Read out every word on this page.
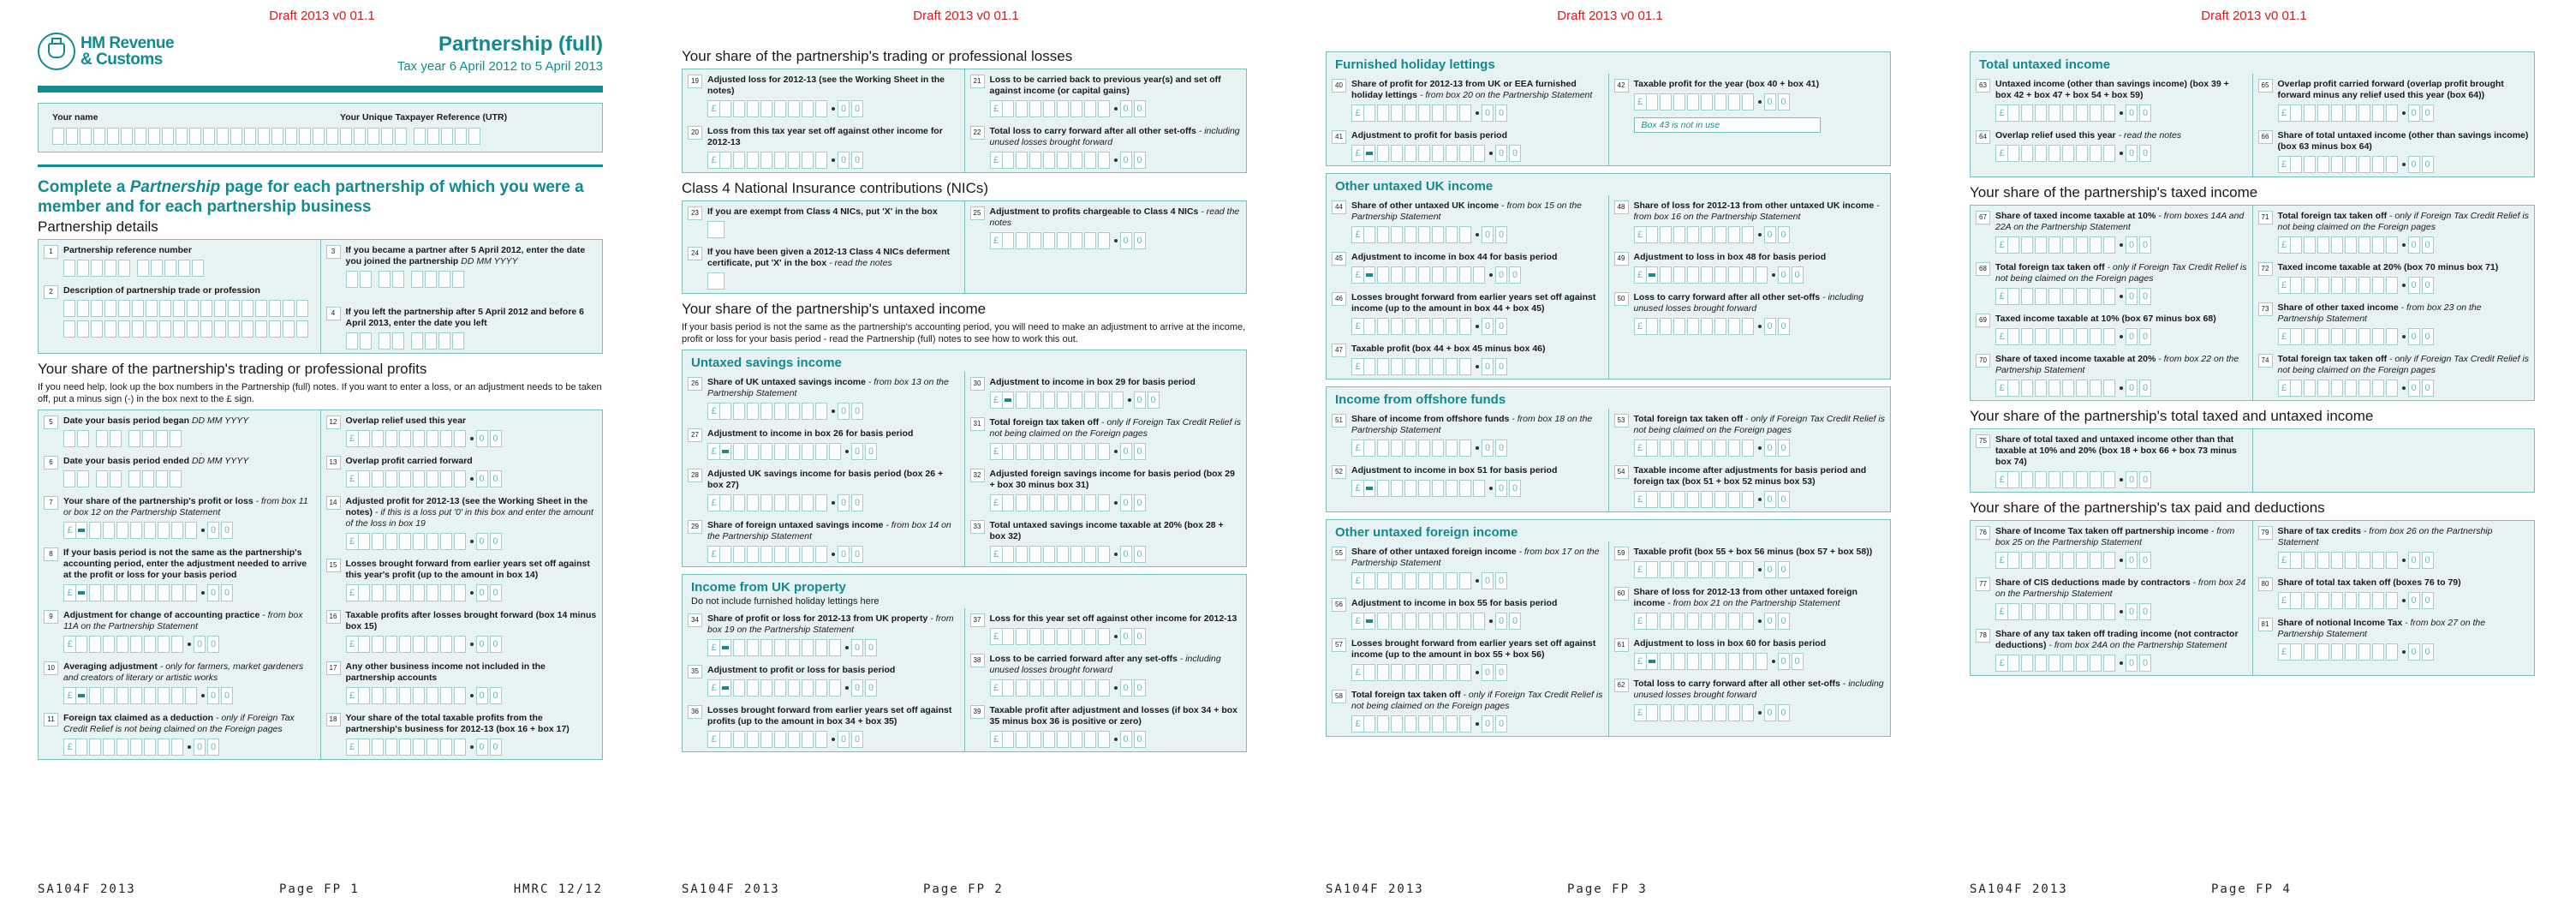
Draft 2013 v0 01.1
HM Revenue
& Customs
Partnership (full)
Tax year 6 April 2012 to 5 April 2013
Your name	Your Unique Taxpayer Reference (UTR)
Complete a Partnership page for each partnership of which you were a member and for each partnership business
Partnership details
1	Partnership reference number
2	Description of partnership trade or profession
3	If you became a partner after 5 April 2012, enter the date you joined the partnership DD MM YYYY
4	If you left the partnership after 5 April 2012 and before 6 April 2013, enter the date you left
Your share of the partnership's trading or professional profits
If you need help, look up the box numbers in the Partnership (full) notes. If you want to enter a loss, or an adjustment needs to be taken off, put a minus sign (-) in the box next to the £ sign.
5	Date your basis period began DD MM YYYY
6	Date your basis period ended DD MM YYYY
7	Your share of the partnership's profit or loss - from box 11 or box 12 on the Partnership Statement
£	0 0
8	If your basis period is not the same as the partnership's accounting period, enter the adjustment needed to arrive at the profit or loss for your basis period
£	0 0
9	Adjustment for change of accounting practice - from box 11A on the Partnership Statement
£	0 0
10 Averaging adjustment - only for farmers, market gardeners and creators of literary or artistic works
£	0 0
11 Foreign tax claimed as a deduction - only if Foreign Tax Credit Relief is not being claimed on the Foreign pages
£	0 0
12 Overlap relief used this year
£	0 0
13 Overlap profit carried forward
£	0 0
14 Adjusted profit for 2012-13 (see the Working Sheet in the notes) - if this is a loss put '0' in this box and enter the amount of the loss in box 19
£	0 0
15 Losses brought forward from earlier years set off against this year's profit (up to the amount in box 14)
£	0 0
16 Taxable profits after losses brought forward (box 14 minus box 15)
£	0 0
17 Any other business income not included in the partnership accounts
£	0 0
18 Your share of the total taxable profits from the partnership's business for 2012-13 (box 16 + box 17)
£	0 0
SA104F 2013	Page FP 1	HMRC 12/12
Draft 2013 v0 01.1
Your share of the partnership's trading or professional losses
19 Adjusted loss for 2012-13 (see the Working Sheet in the notes)
£	0 0
20 Loss from this tax year set off against other income for 2012-13
£	0 0
21 Loss to be carried back to previous year(s) and set off against income (or capital gains)
£	0 0
22 Total loss to carry forward after all other set-offs - including unused losses brought forward
£	0 0
Class 4 National Insurance contributions (NICs)
23 If you are exempt from Class 4 NICs, put 'X' in the box
24 If you have been given a 2012-13 Class 4 NICs deferment certificate, put 'X' in the box - read the notes
25 Adjustment to profits chargeable to Class 4 NICs - read the notes
£	0 0
Your share of the partnership's untaxed income
If your basis period is not the same as the partnership's accounting period, you will need to make an adjustment to arrive at the income, profit or loss for your basis period - read the Partnership (full) notes to see how to work this out.
Untaxed savings income
26 Share of UK untaxed savings income - from box 13 on the Partnership Statement
£	0 0
27 Adjustment to income in box 26 for basis period
£	0 0
28 Adjusted UK savings income for basis period (box 26 + box 27)
£	0 0
29 Share of foreign untaxed savings income - from box 14 on the Partnership Statement
£	0 0
30 Adjustment to income in box 29 for basis period
£	0 0
31 Total foreign tax taken off - only if Foreign Tax Credit Relief is not being claimed on the Foreign pages
£	0 0
32 Adjusted foreign savings income for basis period (box 29 + box 30 minus box 31)
£	0 0
33 Total untaxed savings income taxable at 20% (box 28 + box 32)
£	0 0
Income from UK property
Do not include furnished holiday lettings here
34 Share of profit or loss for 2012-13 from UK property - from box 19 on the Partnership Statement
£	0 0
35 Adjustment to profit or loss for basis period
£	0 0
36 Losses brought forward from earlier years set off against profits (up to the amount in box 34 + box 35)
£	0 0
37 Loss for this year set off against other income for 2012-13
£	0 0
38 Loss to be carried forward after any set-offs - including unused losses brought forward
£	0 0
39 Taxable profit after adjustment and losses (if box 34 + box 35 minus box 36 is positive or zero)
£	0 0
SA104F 2013	Page FP 2
Draft 2013 v0 01.1
Furnished holiday lettings
40 Share of profit for 2012-13 from UK or EEA furnished holiday lettings - from box 20 on the Partnership Statement
£	0 0
41 Adjustment to profit for basis period
£	0 0
42 Taxable profit for the year (box 40 + box 41)
£	0 0
Box 43 is not in use
Other untaxed UK income
44 Share of other untaxed UK income - from box 15 on the Partnership Statement
£	0 0
45 Adjustment to income in box 44 for basis period
£	0 0
46 Losses brought forward from earlier years set off against income (up to the amount in box 44 + box 45)
£	0 0
47 Taxable profit (box 44 + box 45 minus box 46)
£	0 0
48 Share of loss for 2012-13 from other untaxed UK income - from box 16 on the Partnership Statement
£	0 0
49 Adjustment to loss in box 48 for basis period
£	0 0
50 Loss to carry forward after all other set-offs - including unused losses brought forward
£	0 0
Income from offshore funds
51 Share of income from offshore funds - from box 18 on the Partnership Statement
£	0 0
52 Adjustment to income in box 51 for basis period
£	0 0
53 Total foreign tax taken off - only if Foreign Tax Credit Relief is not being claimed on the Foreign pages
£	0 0
54 Taxable income after adjustments for basis period and foreign tax (box 51 + box 52 minus box 53)
£	0 0
Other untaxed foreign income
55 Share of other untaxed foreign income - from box 17 on the Partnership Statement
£	0 0
56 Adjustment to income in box 55 for basis period
£	0 0
57 Losses brought forward from earlier years set off against income (up to the amount in box 55 + box 56)
£	0 0
58 Total foreign tax taken off - only if Foreign Tax Credit Relief is not being claimed on the Foreign pages
£	0 0
59 Taxable profit (box 55 + box 56 minus (box 57 + box 58))
£	0 0
60 Share of loss for 2012-13 from other untaxed foreign income - from box 21 on the Partnership Statement
£	0 0
61 Adjustment to loss in box 60 for basis period
£	0 0
62 Total loss to carry forward after all other set-offs - including unused losses brought forward
£	0 0
SA104F 2013	Page FP 3
Draft 2013 v0 01.1
Total untaxed income
63 Untaxed income (other than savings income) (box 39 + box 42 + box 47 + box 54 + box 59)
£	0 0
64 Overlap relief used this year - read the notes
£	0 0
65 Overlap profit carried forward (overlap profit brought forward minus any relief used this year (box 64))
£	0 0
66 Share of total untaxed income (other than savings income) (box 63 minus box 64)
£	0 0
Your share of the partnership's taxed income
67 Share of taxed income taxable at 10% - from boxes 14A and 22A on the Partnership Statement
£	0 0
68 Total foreign tax taken off - only if Foreign Tax Credit Relief is not being claimed on the Foreign pages
£	0 0
69 Taxed income taxable at 10% (box 67 minus box 68)
£	0 0
70 Share of taxed income taxable at 20% - from box 22 on the Partnership Statement
£	0 0
71 Total foreign tax taken off - only if Foreign Tax Credit Relief is not being claimed on the Foreign pages
£	0 0
72 Taxed income taxable at 20% (box 70 minus box 71)
£	0 0
73 Share of other taxed income - from box 23 on the Partnership Statement
£	0 0
74 Total foreign tax taken off - only if Foreign Tax Credit Relief is not being claimed on the Foreign pages
£	0 0
Your share of the partnership's total taxed and untaxed income
75 Share of total taxed and untaxed income other than that taxable at 10% and 20% (box 18 + box 66 + box 73 minus box 74)
£	0 0
Your share of the partnership's tax paid and deductions
76 Share of Income Tax taken off partnership income - from box 25 on the Partnership Statement
£	0 0
77 Share of CIS deductions made by contractors - from box 24 on the Partnership Statement
£	0 0
78 Share of any tax taken off trading income (not contractor deductions) - from box 24A on the Partnership Statement
£	0 0
79 Share of tax credits - from box 26 on the Partnership Statement
£	0 0
80 Share of total tax taken off (boxes 76 to 79)
£	0 0
81 Share of notional Income Tax - from box 27 on the Partnership Statement
£	0 0
SA104F 2013	Page FP 4
